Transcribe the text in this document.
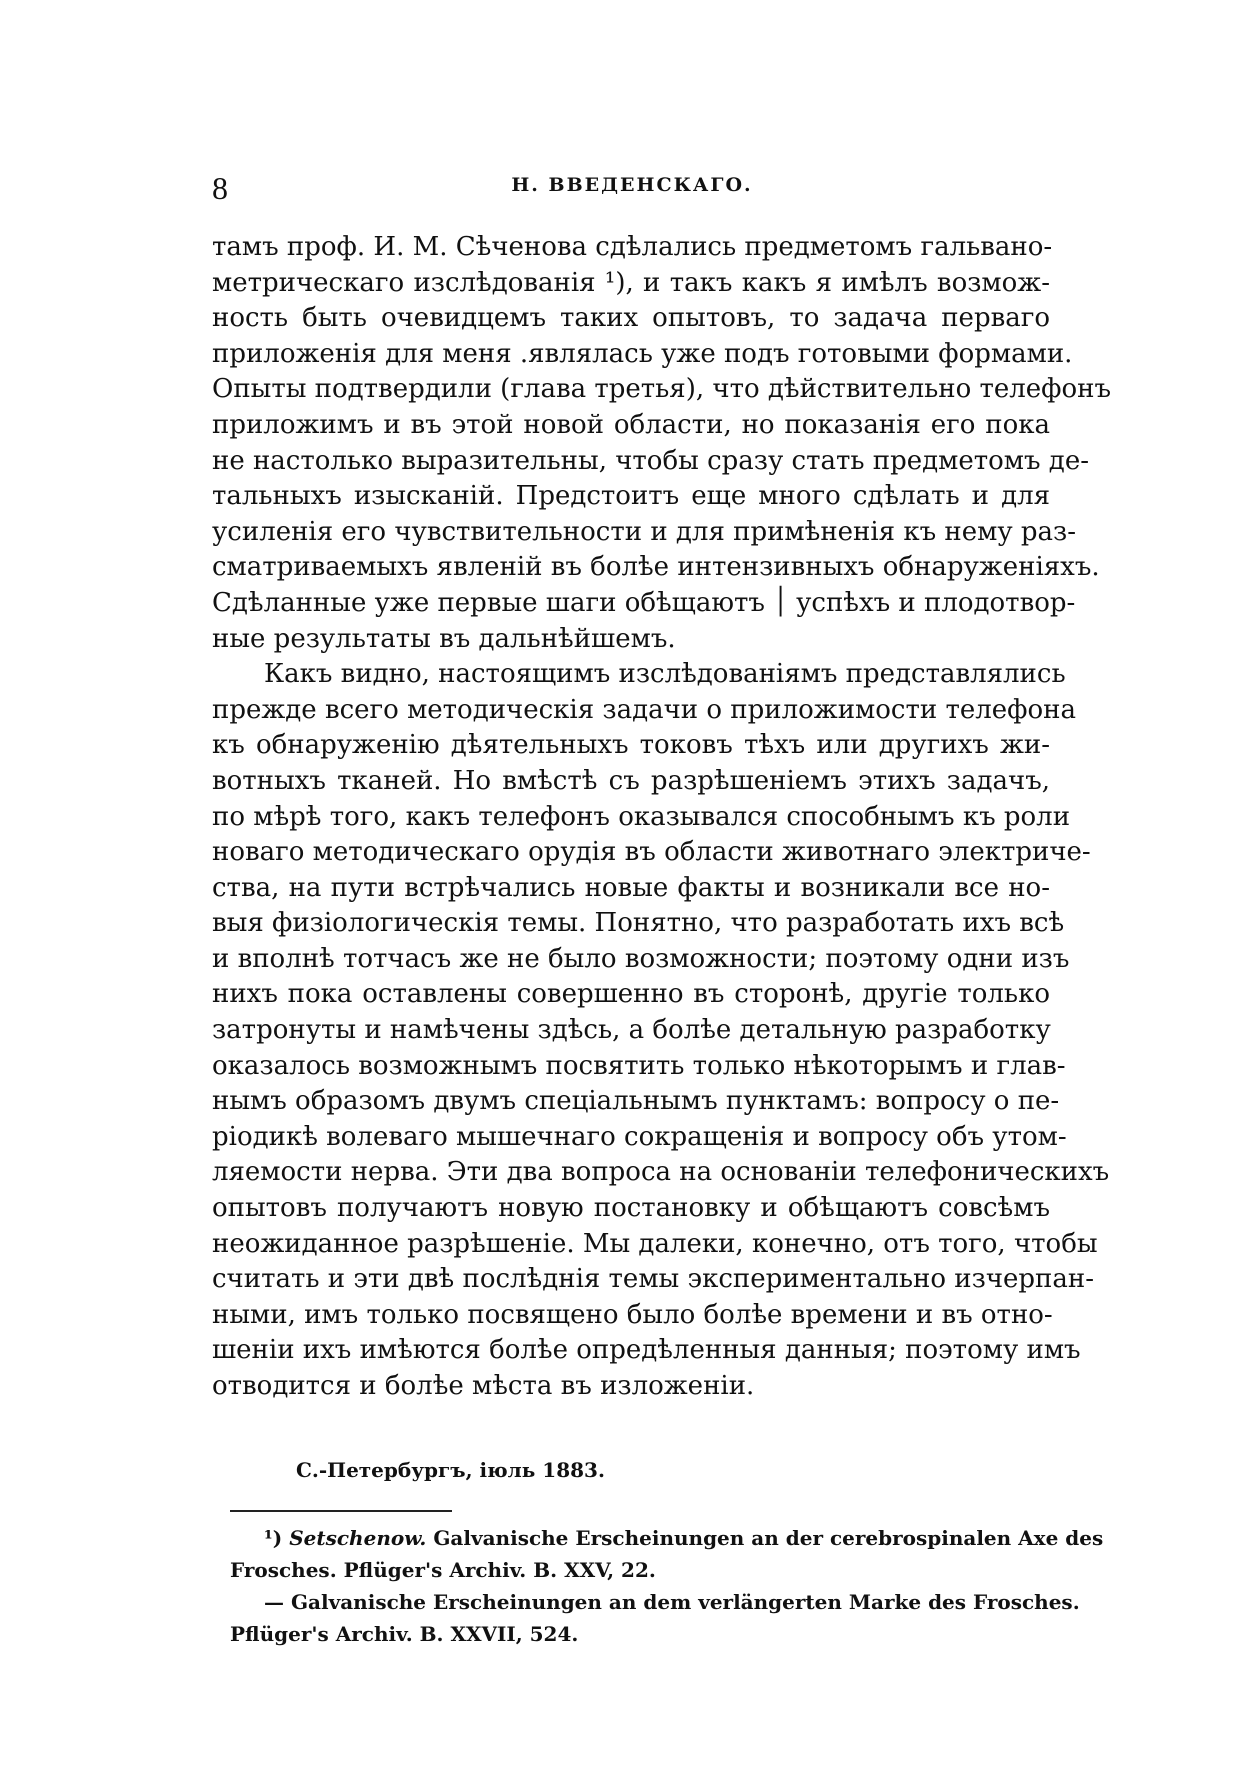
8	Н. ВВЕДЕНСКАГО.
тамъ проф. И. М. Сѣченова сдѣлались предметомъ гальвано-
метрическаго изслѣдованія ¹), и такъ какъ я имѣлъ возмож-
ность быть очевидцемъ таких опытовъ, то задача перваго
приложенія для меня .являлась уже подъ готовыми формами.
Опыты подтвердили (глава третья), что дѣйствительно телефонъ
приложимъ и въ этой новой области, но показанія его пока
не настолько выразительны, чтобы сразу стать предметомъ де-
тальныхъ изысканій. Предстоитъ еще много сдѣлать и для
усиленія его чувствительности и для примѣненія къ нему раз-
сматриваемыхъ явленій въ болѣе интензивныхъ обнаруженіяхъ.
Сдѣланные уже первые шаги обѣщаютъ ׀ успѣхъ и плодотвор-
ные результаты въ дальнѣйшемъ.
Какъ видно, настоящимъ изслѣдованіямъ представлялись
прежде всего методическія задачи о приложимости телефона
къ обнаруженію дѣятельныхъ токовъ тѣхъ или другихъ жи-
вотныхъ тканей. Но вмѣстѣ съ разрѣшеніемъ этихъ задачъ,
по мѣрѣ того, какъ телефонъ оказывался способнымъ къ роли
новаго методическаго орудія въ области животнаго электриче-
ства, на пути встрѣчались новые факты и возникали все но-
выя физіологическія темы. Понятно, что разработать ихъ всѣ
и вполнѣ тотчасъ же не было возможности; поэтому одни изъ
нихъ пока оставлены совершенно въ сторонѣ, другіе только
затронуты и намѣчены здѣсь, а болѣе детальную разработку
оказалось возможнымъ посвятить только нѣкоторымъ и глав-
нымъ образомъ двумъ спеціальнымъ пунктамъ: вопросу о пе-
ріодикѣ волеваго мышечнаго сокращенія и вопросу объ утом-
ляемости нерва. Эти два вопроса на основаніи телефоническихъ
опытовъ получаютъ новую постановку и обѣщаютъ совсѣмъ
неожиданное разрѣшеніе. Мы далеки, конечно, отъ того, чтобы
считать и эти двѣ послѣднія темы экспериментально изчерпан-
ными, имъ только посвящено было болѣе времени и въ отно-
шеніи ихъ имѣются болѣе опредѣленныя данныя; поэтому имъ
отводится и болѣе мѣста въ изложеніи.
С.-Петербургъ, іюль 1883.
¹) Setschenow. Galvanische Erscheinungen an der cerebrospinalen Axe des
Frosches. Pflüger's Archiv. B. XXV, 22.
— Galvanische Erscheinungen an dem verlängerten Marke des Frosches.
Pflüger's Archiv. B. XXVII, 524.
